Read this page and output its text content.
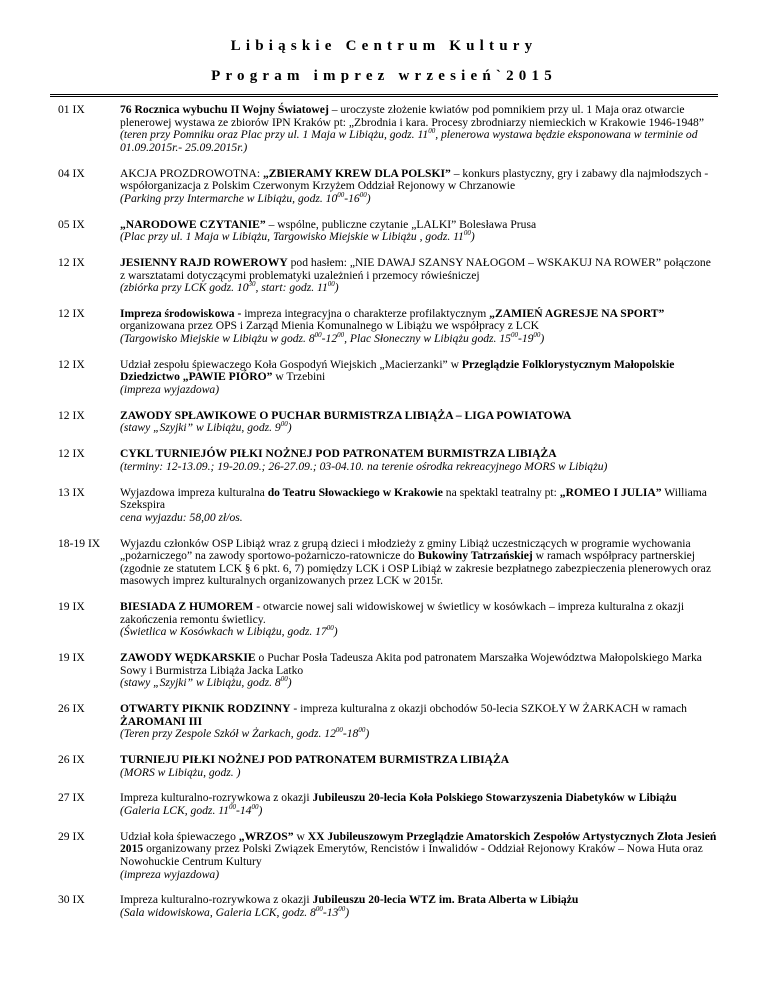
Libiąskie Centrum Kultury
Program imprez wrzesień`2015
01 IX	76 Rocznica wybuchu II Wojny Światowej – uroczyste złożenie kwiatów pod pomnikiem przy ul. 1 Maja oraz otwarcie plenerowej wystawa ze zbiorów IPN Kraków pt: „Zbrodnia i kara. Procesy zbrodniarzy niemieckich w Krakowie 1946-1948”
(teren przy Pomniku oraz Plac przy ul. 1 Maja w Libiążu, godz. $11^{00}$, plenerowa wystawa będzie eksponowana w terminie od 01.09.2015r.- 25.09.2015r.)
04 IX	AKCJA PROZDROWOTNA: „ZBIERAMY KREW DLA POLSKI” – konkurs plastyczny, gry i zabawy dla najmłodszych - współorganizacja z Polskim Czerwonym Krzyżem Oddział Rejonowy w Chrzanowie
(Parking przy Intermarche w Libiążu, godz. $10^{00}-16^{00}$)
05 IX	„NARODOWE CZYTANIE” – wspólne, publiczne czytanie „LALKI” Bolesława Prusa
(Plac przy ul. 1 Maja w Libiążu, Targowisko Miejskie w Libiążu , godz. $11^{00}$)
12 IX	JESIENNY RAJD ROWEROWY pod hasłem: „NIE DAWAJ SZANSY NAŁOGOM – WSKAKUJ NA ROWER” połączone z warsztatami dotyczącymi problematyki uzależnień i przemocy rówieśniczej
(zbiórka przy LCK godz. $10^{30}$, start: godz. $11^{00}$)
12 IX	Impreza środowiskowa - impreza integracyjna o charakterze profilaktycznym „ZAMIEŃ AGRESJE NA SPORT” organizowana przez OPS i Zarząd Mienia Komunalnego w Libiążu we współpracy z LCK
(Targowisko Miejskie w Libiążu w godz. $8^{00}-12^{00}$, Plac Słoneczny w Libiążu godz. $15^{00}-19^{00}$)
12 IX	Udział zespołu śpiewaczego Koła Gospodyń Wiejskich „Macierzanki” w Przeglądzie Folklorystycznym Małopolskie Dziedzictwo „PAWIE PIÓRO” w Trzebini
(impreza wyjazdowa)
12 IX	ZAWODY SPŁAWIKOWE O PUCHAR BURMISTRZA LIBIĄŻA – LIGA POWIATOWA
(stawy „Szyjki” w Libiążu, godz. $9^{00}$)
12 IX	CYKL TURNIEJÓW PIŁKI NOŻNEJ POD PATRONATEM BURMISTRZA LIBIĄŻA
(terminy: 12-13.09.; 19-20.09.; 26-27.09.; 03-04.10. na terenie ośrodka rekreacyjnego MORS w Libiążu)
13 IX	Wyjazdowa impreza kulturalna do Teatru Słowackiego w Krakowie na spektakl teatralny pt: „ROMEO I JULIA” Williama Szekspira
cena wyjazdu: 58,00 zł/os.
18-19 IX	Wyjazdu członków OSP Libiąż wraz z grupą dzieci i młodzieży z gminy Libiąż uczestniczących w programie wychowania „pożarniczego” na zawody sportowo-pożarniczo-ratownicze do Bukowiny Tatrzańskiej w ramach współpracy partnerskiej (zgodnie ze statutem LCK § 6 pkt. 6, 7) pomiędzy LCK i OSP Libiąż w zakresie bezpłatnego zabezpieczenia plenerowych oraz masowych imprez kulturalnych organizowanych przez LCK w 2015r.
19 IX	BIESIADA Z HUMOREM - otwarcie nowej sali widowiskowej w świetlicy w kosówkach – impreza kulturalna z okazji zakończenia remontu świetlicy.
(Świetlica w Kosówkach w Libiążu, godz. $17^{00}$)
19 IX	ZAWODY WĘDKARSKIE o Puchar Posła Tadeusza Akita pod patronatem Marszałka Województwa Małopolskiego Marka Sowy i Burmistrza Libiąża Jacka Latko
(stawy „Szyjki” w Libiążu, godz. $8^{00}$)
26 IX	OTWARTY PIKNIK RODZINNY - impreza kulturalna z okazji obchodów 50-lecia SZKOŁY W ŻARKACH w ramach ŻAROMANI III
(Teren przy Zespole Szkół w Żarkach, godz. $12^{00}-18^{00}$)
26 IX	TURNIEJU PIŁKI NOŻNEJ POD PATRONATEM BURMISTRZA LIBIĄŻA
(MORS w Libiążu, godz. )
27 IX	Impreza kulturalno-rozrywkowa z okazji Jubileuszu 20-lecia Koła Polskiego Stowarzyszenia Diabetyków w Libiążu
(Galeria LCK, godz. $11^{00}-14^{00}$)
29 IX	Udział koła śpiewaczego „WRZOS” w XX Jubileuszowym Przeglądzie Amatorskich Zespołów Artystycznych Złota Jesień 2015 organizowany przez Polski Związek Emerytów, Rencistów i Inwalidów - Oddział Rejonowy Kraków – Nowa Huta oraz Nowohuckie Centrum Kultury
(impreza wyjazdowa)
30 IX	Impreza kulturalno-rozrywkowa z okazji Jubileuszu 20-lecia WTZ im. Brata Alberta w Libiążu
(Sala widowiskowa, Galeria LCK, godz. $8^{00}-13^{00}$)
